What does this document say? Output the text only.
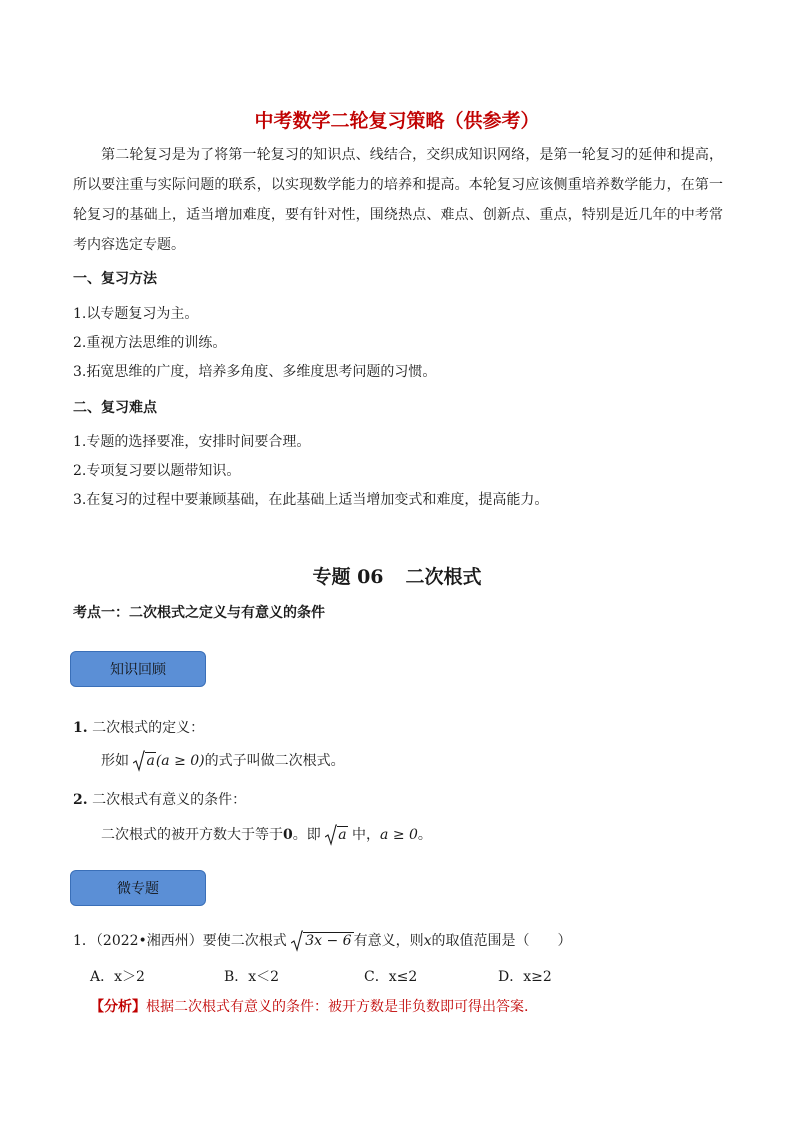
中考数学二轮复习策略（供参考）
第二轮复习是为了将第一轮复习的知识点、线结合，交织成知识网络，是第一轮复习的延伸和提高，所以要注重与实际问题的联系，以实现数学能力的培养和提高。本轮复习应该侧重培养数学能力，在第一轮复习的基础上，适当增加难度，要有针对性，围绕热点、难点、创新点、重点，特别是近几年的中考常考内容选定专题。
一、复习方法
1.以专题复习为主。
2.重视方法思维的训练。
3.拓宽思维的广度，培养多角度、多维度思考问题的习惯。
二、复习难点
1.专题的选择要准，安排时间要合理。
2.专项复习要以题带知识。
3.在复习的过程中要兼顾基础，在此基础上适当增加变式和难度，提高能力。
专题 06 二次根式
考点一：二次根式之定义与有意义的条件
知识回顾
1. 二次根式的定义：
形如 a(a ≥ 0)的式子叫做二次根式。
2. 二次根式有意义的条件：
二次根式的被开方数大于等于0。即 a 中，a ≥ 0。
微专题
1．（2022•湘西州）要使二次根式 3x − 6 有意义，则x的取值范围是（　　）
A．x＞2	B．x＜2	C．x≤2	D．x≥2
【分析】根据二次根式有意义的条件：被开方数是非负数即可得出答案.
